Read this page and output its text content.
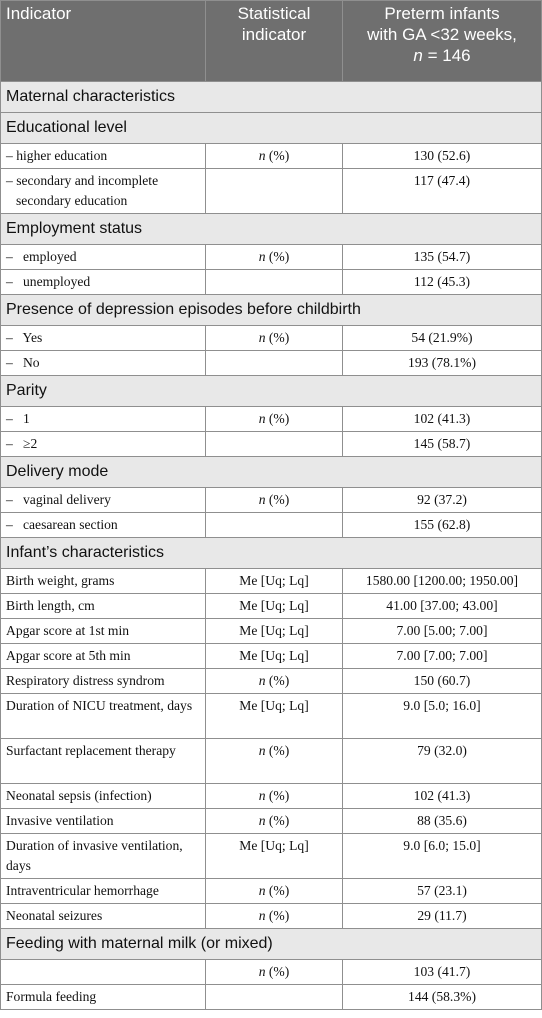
Indicator	Statistical indicator	Preterm infants
with GA <32 weeks,
n = 146
Maternal characteristics		
Educational level		
– higher education	n (%)	130 (52.6)

– secondary and incomplete secondary education		117 (47.4)
Employment status		
–   employed	n (%)	135 (54.7)
–   unemployed		112 (45.3)
Presence of depression episodes before childbirth		
–   Yes	n (%)	54 (21.9%)
–   No		193 (78.1%)
Parity		
–   1	n (%)	102 (41.3)
–   ≥2		145 (58.7)
Delivery mode		
–   vaginal delivery	n (%)	92 (37.2)
–   caesarean section		155 (62.8)
Infant’s characteristics		
Birth weight, grams	Me [Uq; Lq]	1580.00 [1200.00; 1950.00]
Birth length, cm	Me [Uq; Lq]	41.00 [37.00; 43.00]
Apgar score at 1st min	Me [Uq; Lq]	7.00 [5.00; 7.00]
Apgar score at 5th min	Me [Uq; Lq]	7.00 [7.00; 7.00]
Respiratory distress syndrom	n (%)	150 (60.7)
Duration of NICU treatment, days	Me [Uq; Lq]	9.0 [5.0; 16.0]
Surfactant replacement therapy	n (%)	79 (32.0)
Neonatal sepsis (infection)	n (%)	102 (41.3)
Invasive ventilation	n (%)	88 (35.6)
Duration of invasive ventilation, days	Me [Uq; Lq]	9.0 [6.0; 15.0]
Intraventricular hemorrhage	n (%)	57 (23.1)
Neonatal seizures	n (%)	29 (11.7)
Feeding with maternal milk (or mixed)		
	n (%)	103 (41.7)
Formula feeding		144 (58.3%)
